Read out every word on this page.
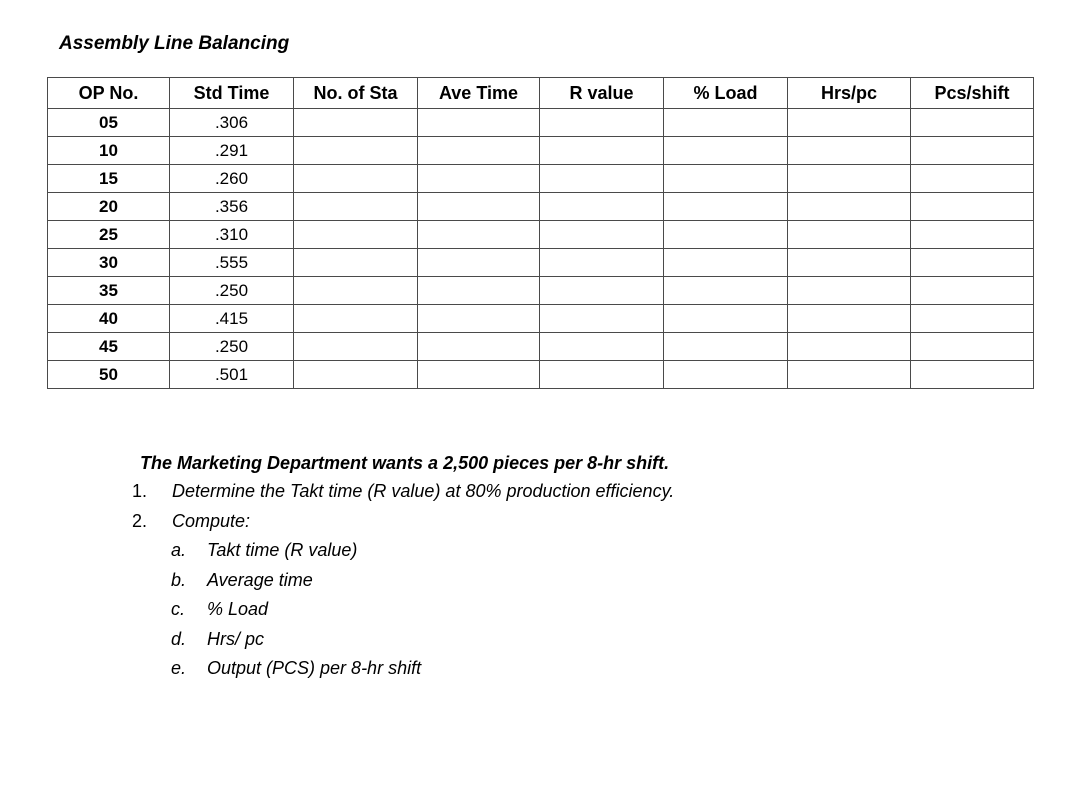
Assembly Line Balancing
OP No.	Std Time	No. of Sta	Ave Time	R value	% Load	Hrs/pc	Pcs/shift
05	.306						
10	.291						
15	.260						
20	.356						
25	.310						
30	.555						
35	.250						
40	.415						
45	.250						
50	.501						
The Marketing Department wants a 2,500 pieces per 8-hr shift.
1. Determine the Takt time (R value) at 80% production efficiency.
2. Compute:
a. Takt time (R value)
b. Average time
c. % Load
d. Hrs/ pc
e. Output (PCS) per 8-hr shift
